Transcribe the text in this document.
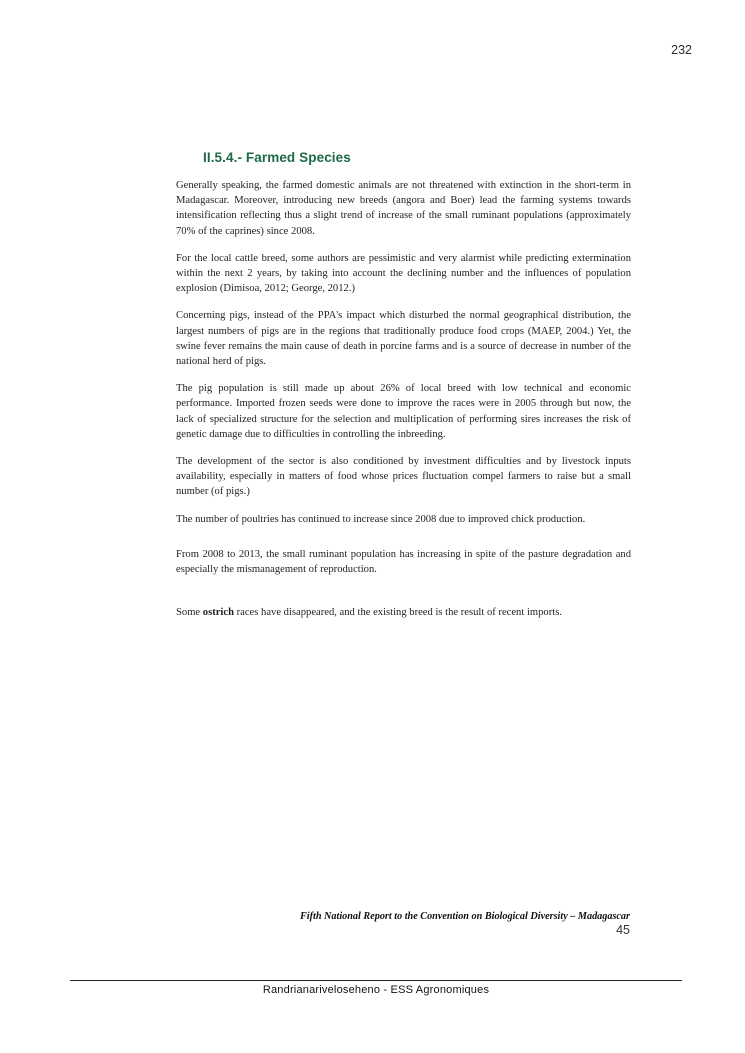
232
II.5.4.- Farmed Species

Generally speaking, the farmed domestic animals are not threatened with extinction in the short-term in Madagascar. Moreover, introducing new breeds (angora and Boer) lead the farming systems towards intensification reflecting thus a slight trend of increase of the small ruminant populations (approximately 70% of the caprines) since 2008.

For the local cattle breed, some authors are pessimistic and very alarmist while predicting extermination within the next 2 years, by taking into account the declining number and the influences of population explosion (Dimisoa, 2012; George, 2012.)

Concerning pigs, instead of the PPA's impact which disturbed the normal geographical distribution, the largest numbers of pigs are in the regions that traditionally produce food crops (MAEP, 2004.) Yet, the swine fever remains the main cause of death in porcine farms and is a source of decrease in number of the national herd of pigs.

The pig population is still made up about 26% of local breed with low technical and economic performance. Imported frozen seeds were done to improve the races were in 2005 through but now, the lack of specialized structure for the selection and multiplication of performing sires increases the risk of genetic damage due to difficulties in controlling the inbreeding.

The development of the sector is also conditioned by investment difficulties and by livestock inputs availability, especially in matters of food whose prices fluctuation compel farmers to raise but a small number (of pigs.)

The number of poultries has continued to increase since 2008 due to improved chick production.

From 2008 to 2013, the small ruminant population has increasing in spite of the pasture degradation and especially the mismanagement of reproduction.

Some ostrich races have disappeared, and the existing breed is the result of recent imports.

Fifth National Report to the Convention on Biological Diversity – Madagascar
45
Randrianariveloseheno - ESS Agronomiques
